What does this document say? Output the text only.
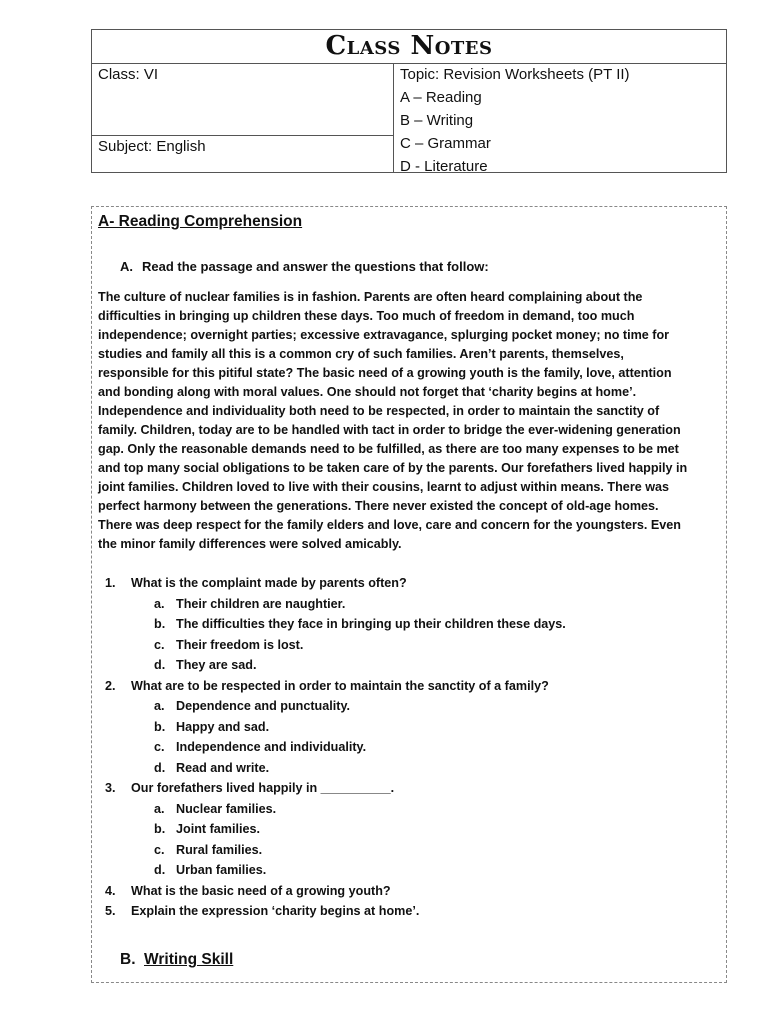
Class Notes
Class: VI
Subject: English
Topic: Revision Worksheets (PT II)
A – Reading
B – Writing
C – Grammar
D - Literature
A- Reading Comprehension
A. Read the passage and answer the questions that follow:
The culture of nuclear families is in fashion. Parents are often heard complaining about the
difficulties in bringing up children these days. Too much of freedom in demand, too much
independence; overnight parties; excessive extravagance, splurging pocket money; no time for
studies and family all this is a common cry of such families. Aren’t parents, themselves,
responsible for this pitiful state? The basic need of a growing youth is the family, love, attention
and bonding along with moral values. One should not forget that ‘charity begins at home’.
Independence and individuality both need to be respected, in order to maintain the sanctity of
family. Children, today are to be handled with tact in order to bridge the ever-widening generation
gap. Only the reasonable demands need to be fulfilled, as there are too many expenses to be met
and top many social obligations to be taken care of by the parents. Our forefathers lived happily in
joint families. Children loved to live with their cousins, learnt to adjust within means. There was
perfect harmony between the generations. There never existed the concept of old-age homes.
There was deep respect for the family elders and love, care and concern for the youngsters. Even
the minor family differences were solved amicably.
1.	What is the complaint made by parents often?
a. Their children are naughtier.
b. The difficulties they face in bringing up their children these days.
c. Their freedom is lost.
d. They are sad.
2.	What are to be respected in order to maintain the sanctity of a family?
a. Dependence and punctuality.
b. Happy and sad.
c. Independence and individuality.
d. Read and write.
3.	Our forefathers lived happily in __________.
a. Nuclear families.
b. Joint families.
c. Rural families.
d. Urban families.
4.	What is the basic need of a growing youth?
5.	Explain the expression ‘charity begins at home’.
B. Writing Skill
